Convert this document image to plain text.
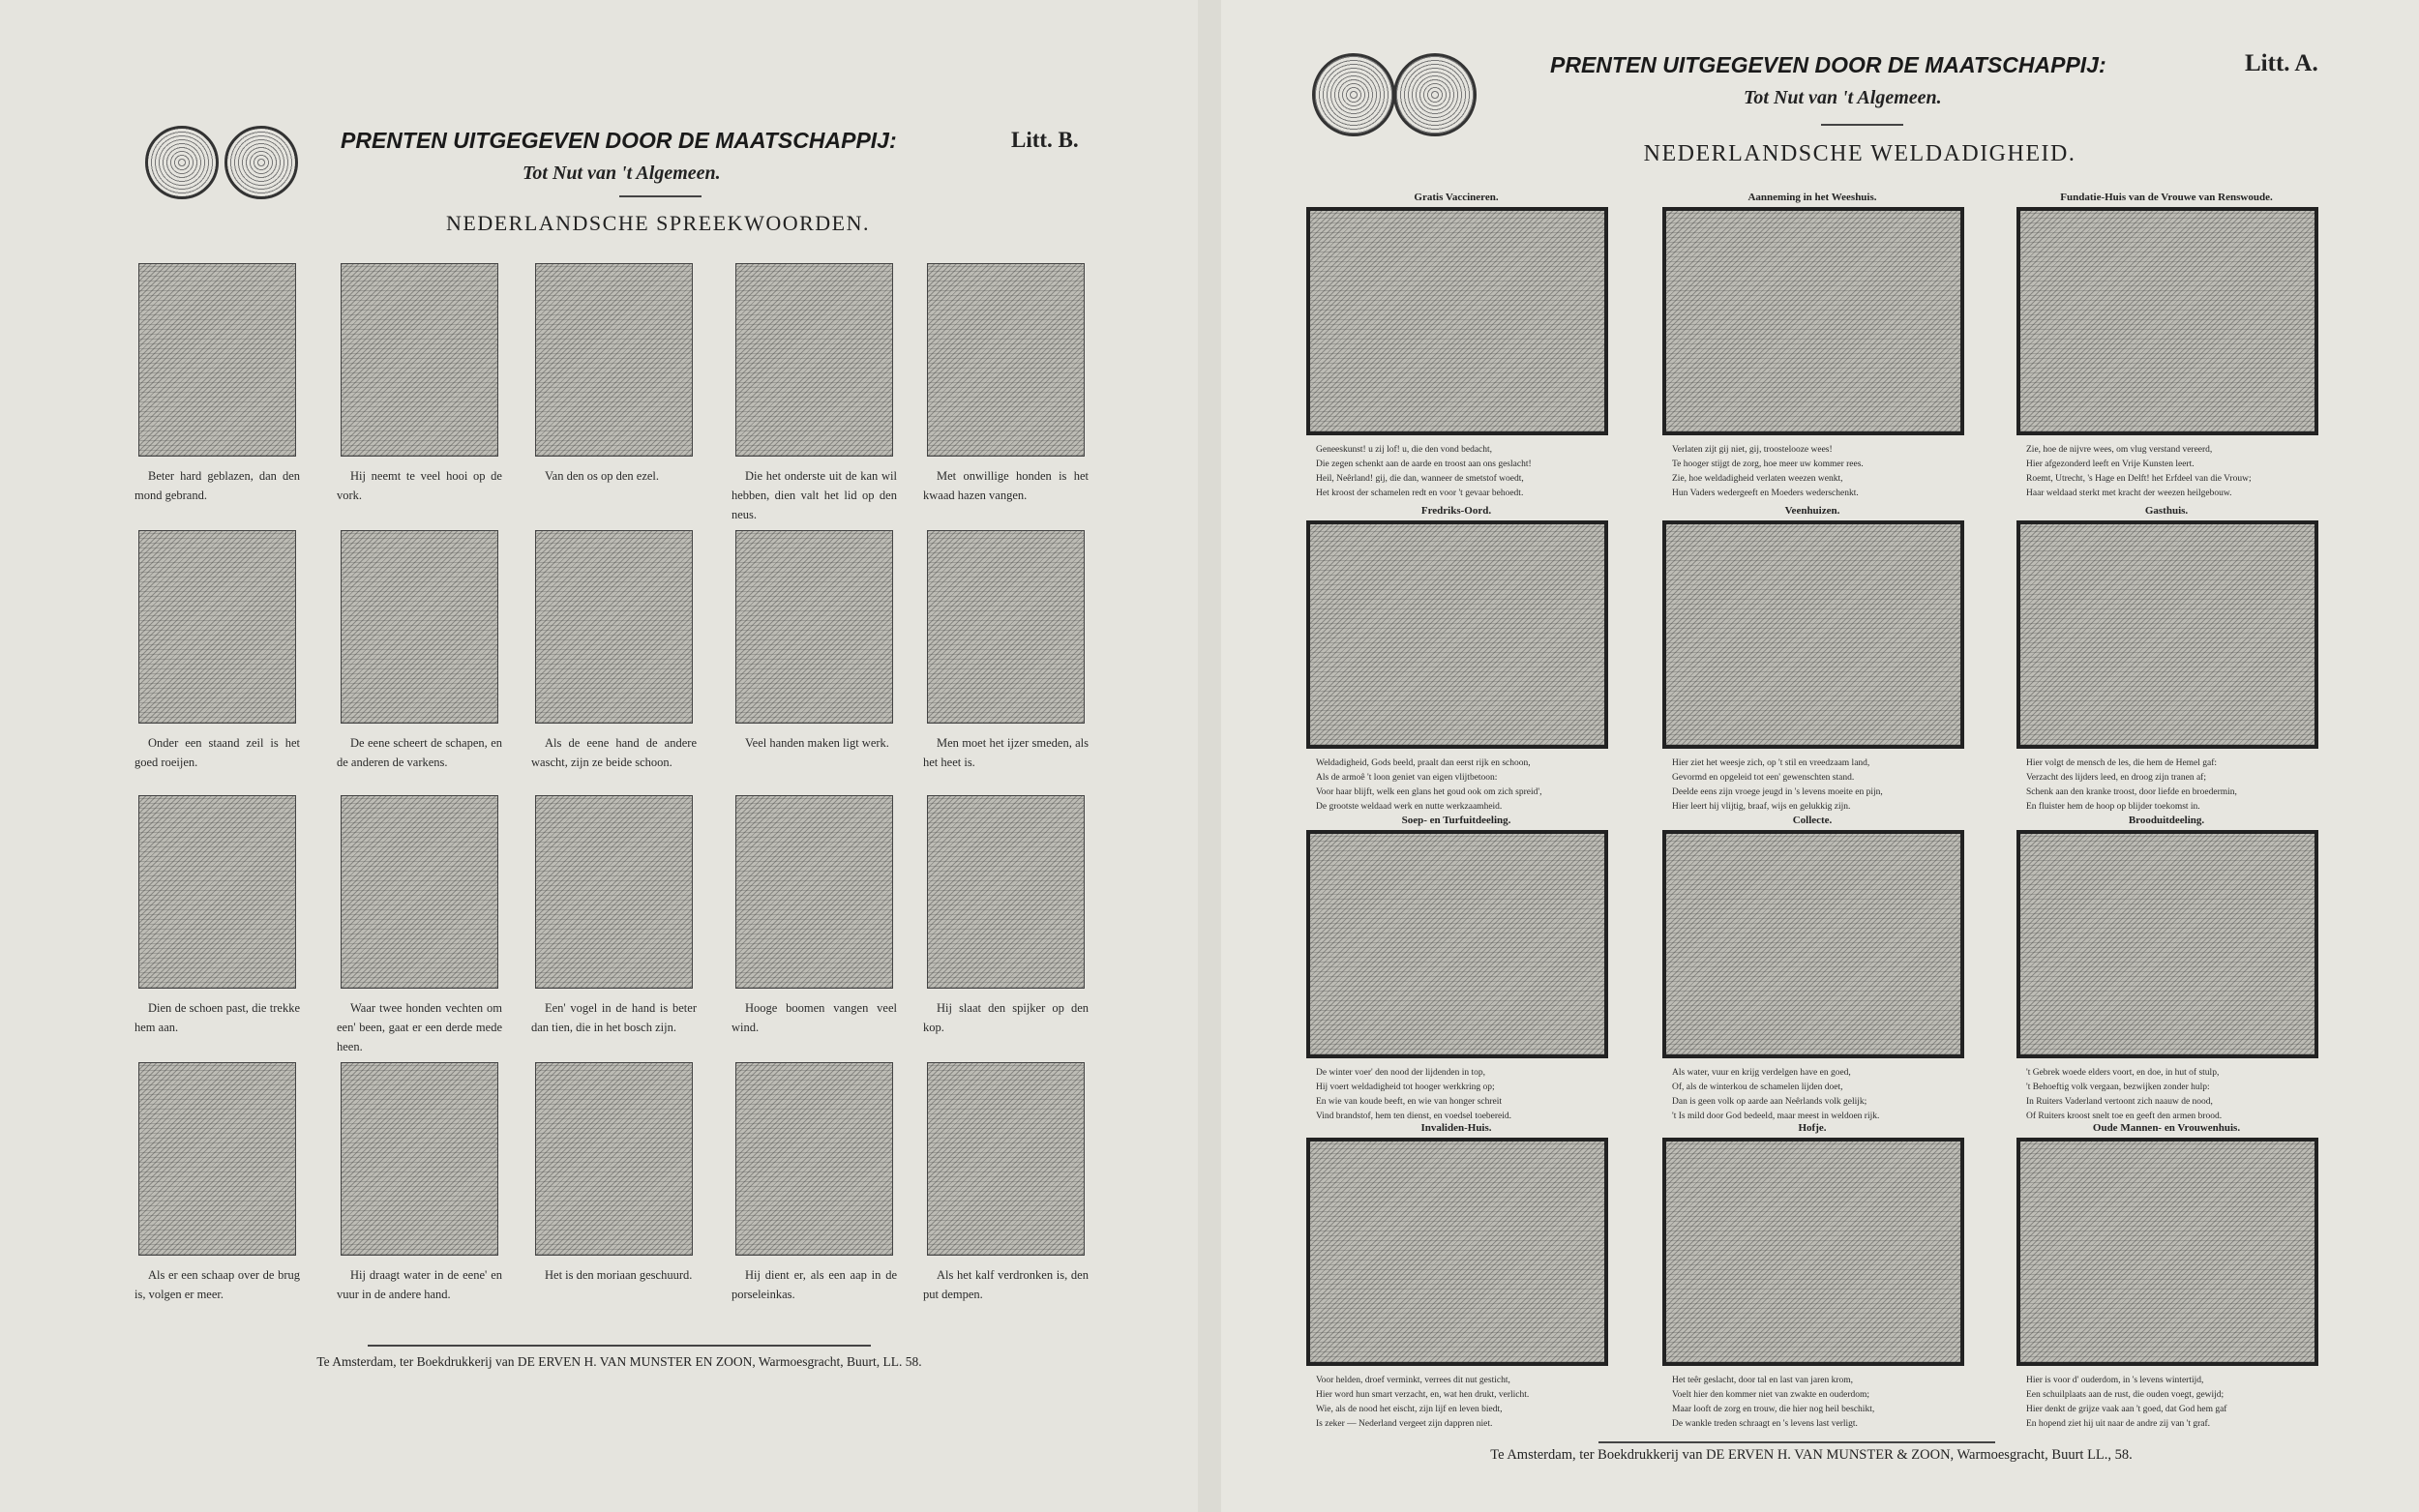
PRENTEN UITGEGEVEN DOOR DE MAATSCHAPPIJ:
Tot Nut van 't Algemeen.
Litt. B.
NEDERLANDSCHE SPREEKWOORDEN.
Beter hard geblazen, dan den mond gebrand.
Hij neemt te veel hooi op de vork.
Van den os op den ezel.	Die het onderste uit de kan wil hebben, dien valt het lid op den neus.
Met onwillige honden is het kwaad hazen vangen.
Onder een staand zeil is het goed roeijen.
De eene scheert de schapen, en de anderen de varkens.
Als de eene hand de andere wascht, zijn ze beide schoon.
Veel handen maken ligt werk.	Men moet het ijzer smeden, als het heet is.
Dien de schoen past, die trekke hem aan.
Waar twee honden vechten om een' been, gaat er een derde mede heen.
Een' vogel in de hand is beter dan tien, die in het bosch zijn.
Hooge boomen vangen veel wind.
Hij slaat den spijker op den kop.
Als er een schaap over de brug is, volgen er meer.
Hij draagt water in de eene' en vuur in de andere hand.
Het is den moriaan geschuurd.	Hij dient er, als een aap in de porseleinkas.
Als het kalf verdronken is, den put dempen.
Te Amsterdam, ter Boekdrukkerij van DE ERVEN H. VAN MUNSTER EN ZOON, Warmoesgracht, Buurt, LL. 58.
PRENTEN UITGEGEVEN DOOR DE MAATSCHAPPIJ:
Tot Nut van 't Algemeen.
Litt. A.
NEDERLANDSCHE WELDADIGHEID.
Gratis Vaccineren.
Geneeskunst! u zij lof! u, die den vond bedacht,
Die zegen schenkt aan de aarde en troost aan ons geslacht!
Heil, Neêrland! gij, die dan, wanneer de smetstof woedt,
Het kroost der schamelen redt en voor 't gevaar behoedt.
Aanneming in het Weeshuis.
Verlaten zijt gij niet, gij, troostelooze wees!
Te hooger stijgt de zorg, hoe meer uw kommer rees.
Zie, hoe weldadigheid verlaten weezen wenkt,
Hun Vaders wedergeeft en Moeders wederschenkt.
Fundatie-Huis van de Vrouwe van Renswoude.
Zie, hoe de nijvre wees, om vlug verstand vereerd,
Hier afgezonderd leeft en Vrije Kunsten leert.
Roemt, Utrecht, 's Hage en Delft! het Erfdeel van die Vrouw;
Haar weldaad sterkt met kracht der weezen heilgebouw.
Fredriks-Oord.
Weldadigheid, Gods beeld, praalt dan eerst rijk en schoon,
Als de armoê 't loon geniet van eigen vlijtbetoon:
Voor haar blijft, welk een glans het goud ook om zich spreid',
De grootste weldaad werk en nutte werkzaamheid.
Veenhuizen.
Hier ziet het weesje zich, op 't stil en vreedzaam land,
Gevormd en opgeleid tot een' gewenschten stand.
Deelde eens zijn vroege jeugd in 's levens moeite en pijn,
Hier leert hij vlijtig, braaf, wijs en gelukkig zijn.
Gasthuis.
Hier volgt de mensch de les, die hem de Hemel gaf:
Verzacht des lijders leed, en droog zijn tranen af;
Schenk aan den kranke troost, door liefde en broedermin,
En fluister hem de hoop op blijder toekomst in.
Soep- en Turfuitdeeling.
De winter voer' den nood der lijdenden in top,
Hij voert weldadigheid tot hooger werkkring op;
En wie van koude beeft, en wie van honger schreit
Vind brandstof, hem ten dienst, en voedsel toebereid.
Collecte.
Als water, vuur en krijg verdelgen have en goed,
Of, als de winterkou de schamelen lijden doet,
Dan is geen volk op aarde aan Neêrlands volk gelijk;
't Is mild door God bedeeld, maar meest in weldoen rijk.
Brooduitdeeling.
't Gebrek woede elders voort, en doe, in hut of stulp,
't Behoeftig volk vergaan, bezwijken zonder hulp:
In Ruiters Vaderland vertoont zich naauw de nood,
Of Ruiters kroost snelt toe en geeft den armen brood.
Invaliden-Huis.
Voor helden, droef verminkt, verrees dit nut gesticht,
Hier word hun smart verzacht, en, wat hen drukt, verlicht.
Wie, als de nood het eischt, zijn lijf en leven biedt,
Is zeker — Nederland vergeet zijn dappren niet.
Hofje.
Het teêr geslacht, door tal en last van jaren krom,
Voelt hier den kommer niet van zwakte en ouderdom;
Maar looft de zorg en trouw, die hier nog heil beschikt,
De wankle treden schraagt en 's levens last verligt.
Oude Mannen- en Vrouwenhuis.
Hier is voor d' ouderdom, in 's levens wintertijd,
Een schuilplaats aan de rust, die ouden voegt, gewijd;
Hier denkt de grijze vaak aan 't goed, dat God hem gaf
En hopend ziet hij uit naar de andre zij van 't graf.
Te Amsterdam, ter Boekdrukkerij van DE ERVEN H. VAN MUNSTER & ZOON, Warmoesgracht, Buurt LL., 58.
